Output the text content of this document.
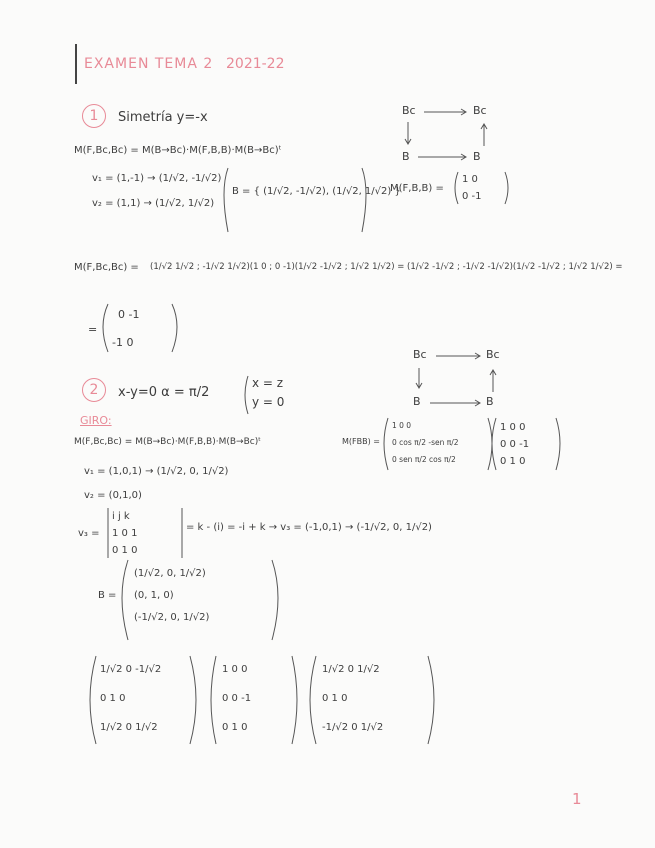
EXAMEN TEMA 2 2021-22
1	Simetría y=-x	Bc	Bc
B	B
M(F,Bc,Bc) = M(B→Bc)·M(F,B,B)·M(B→Bc)ᵗ
v₁ = (1,-1) → (1/√2, -1/√2)
v₂ = (1,1) → (1/√2, 1/√2)
B = { (1/√2, -1/√2), (1/√2, 1/√2) }
M(F,B,B) =
1 0
0 -1
M(F,Bc,Bc) = (1/√2 1/√2 ; -1/√2 1/√2)(1 0 ; 0 -1)(1/√2 -1/√2 ; 1/√2 1/√2) = (1/√2 -1/√2 ; -1/√2 -1/√2)(1/√2 -1/√2 ; 1/√2 1/√2) =
=
0 -1
-1 0
2	x-y=0 α = π/2
x = z
y = 0
GIRO:
Bc	Bc
B	B
M(F,Bc,Bc) = M(B→Bc)·M(F,B,B)·M(B→Bc)ᵗ	M(FBB) =
1 0 0
0 cos π/2 -sen π/2
0 sen π/2 cos π/2
1 0 0
0 0 -1
0 1 0
v₁ = (1,0,1) → (1/√2, 0, 1/√2)
v₂ = (0,1,0)
v₃ =
i j k
1 0 1
0 1 0
= k - (i) = -i + k → v₃ = (-1,0,1) → (-1/√2, 0, 1/√2)
B =
(1/√2, 0, 1/√2)
(0, 1, 0)
(-1/√2, 0, 1/√2)
1/√2 0 -1/√2
0 1 0
1/√2 0 1/√2
1 0 0
0 0 -1
0 1 0
1/√2 0 1/√2
0 1 0
-1/√2 0 1/√2
1
